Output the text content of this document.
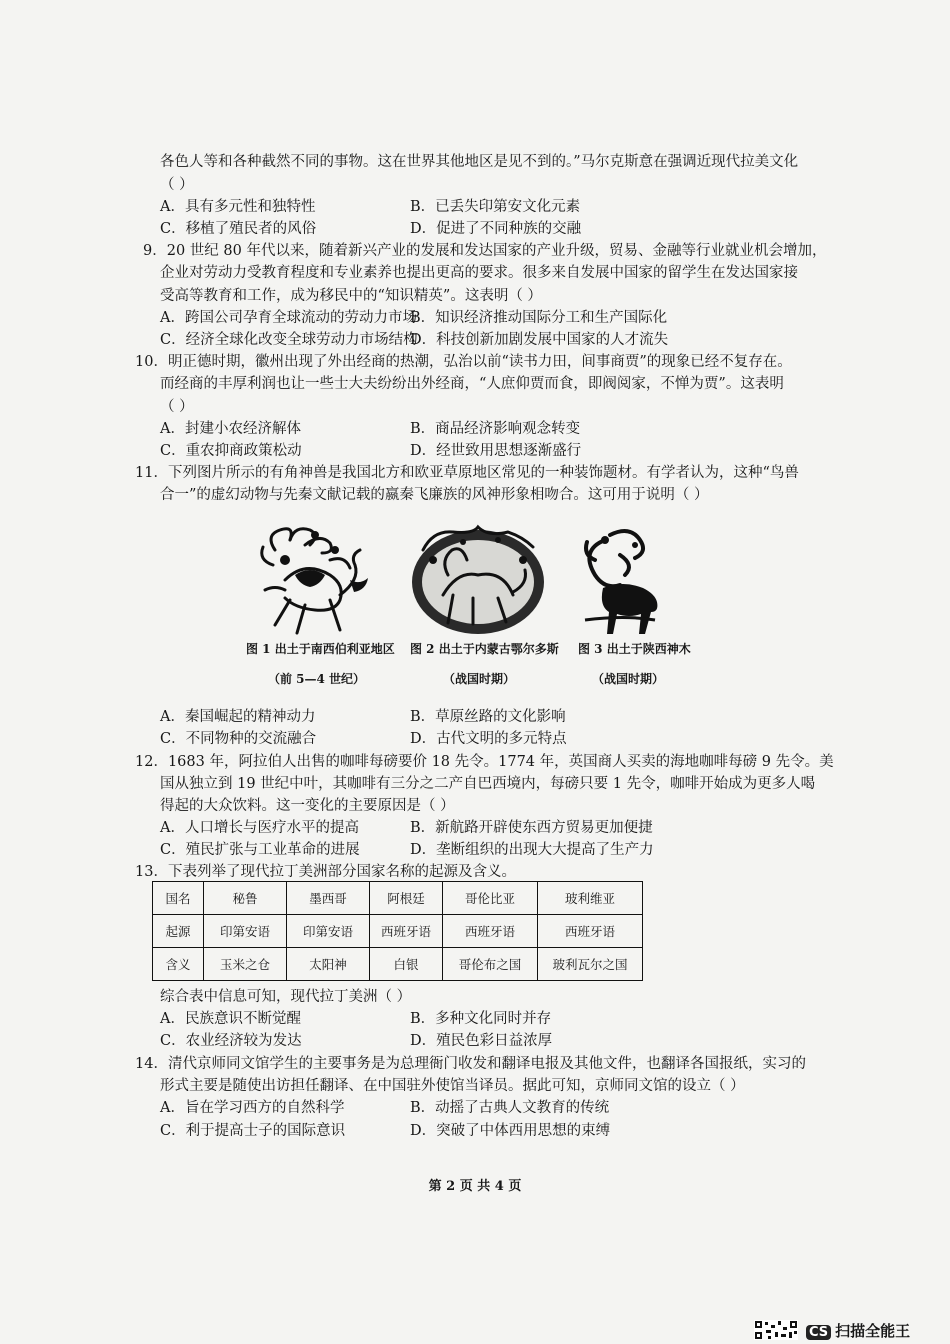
各色人等和各种截然不同的事物。这在世界其他地区是见不到的。”马尔克斯意在强调近现代拉美文化
（ ）
A．具有多元性和独特性	B．已丢失印第安文化元素
C．移植了殖民者的风俗	D．促进了不同种族的交融
9．20 世纪 80 年代以来，随着新兴产业的发展和发达国家的产业升级，贸易、金融等行业就业机会增加，
企业对劳动力受教育程度和专业素养也提出更高的要求。很多来自发展中国家的留学生在发达国家接
受高等教育和工作，成为移民中的“知识精英”。这表明（ ）
A．跨国公司孕育全球流动的劳动力市场
B．知识经济推动国际分工和生产国际化
C．经济全球化改变全球劳动力市场结构
D．科技创新加剧发展中国家的人才流失
10．明正德时期，徽州出现了外出经商的热潮，弘治以前“读书力田，间事商贾”的现象已经不复存在。
而经商的丰厚利润也让一些士大夫纷纷出外经商，“人庶仰贾而食，即阀阅家，不惮为贾”。这表明
（ ）
A．封建小农经济解体	B．商品经济影响观念转变
C．重农抑商政策松动	D．经世致用思想逐渐盛行
11．下列图片所示的有角神兽是我国北方和欧亚草原地区常见的一种装饰题材。有学者认为，这种“鸟兽
合一”的虚幻动物与先秦文献记载的嬴秦飞廉族的风神形象相吻合。这可用于说明（ ）
图 1 出土于南西伯利亚地区 图 2 出土于内蒙古鄂尔多斯 图 3 出土于陕西神木
（前 5—4 世纪）	（战国时期）	（战国时期）
A．秦国崛起的精神动力	B．草原丝路的文化影响
C．不同物种的交流融合	D．古代文明的多元特点
12．1683 年，阿拉伯人出售的咖啡每磅要价 18 先令。1774 年，英国商人买卖的海地咖啡每磅 9 先令。美
国从独立到 19 世纪中叶，其咖啡有三分之二产自巴西境内，每磅只要 1 先令，咖啡开始成为更多人喝
得起的大众饮料。这一变化的主要原因是（ ）
A．人口增长与医疗水平的提高	B．新航路开辟使东西方贸易更加便捷
C．殖民扩张与工业革命的进展	D．垄断组织的出现大大提高了生产力
13．下表列举了现代拉丁美洲部分国家名称的起源及含义。
国名	秘鲁	墨西哥	阿根廷	哥伦比亚	玻利维亚
起源	印第安语	印第安语	西班牙语	西班牙语	西班牙语
含义	玉米之仓	太阳神	白银	哥伦布之国	玻利瓦尔之国
综合表中信息可知，现代拉丁美洲（ ）
A．民族意识不断觉醒	B．多种文化同时并存
C．农业经济较为发达	D．殖民色彩日益浓厚
14．清代京师同文馆学生的主要事务是为总理衙门收发和翻译电报及其他文件，也翻译各国报纸，实习的
形式主要是随使出访担任翻译、在中国驻外使馆当译员。据此可知，京师同文馆的设立（ ）
A．旨在学习西方的自然科学	B．动摇了古典人文教育的传统
C．利于提高士子的国际意识	D．突破了中体西用思想的束缚
第 2 页 共 4 页
CS 扫描全能王
